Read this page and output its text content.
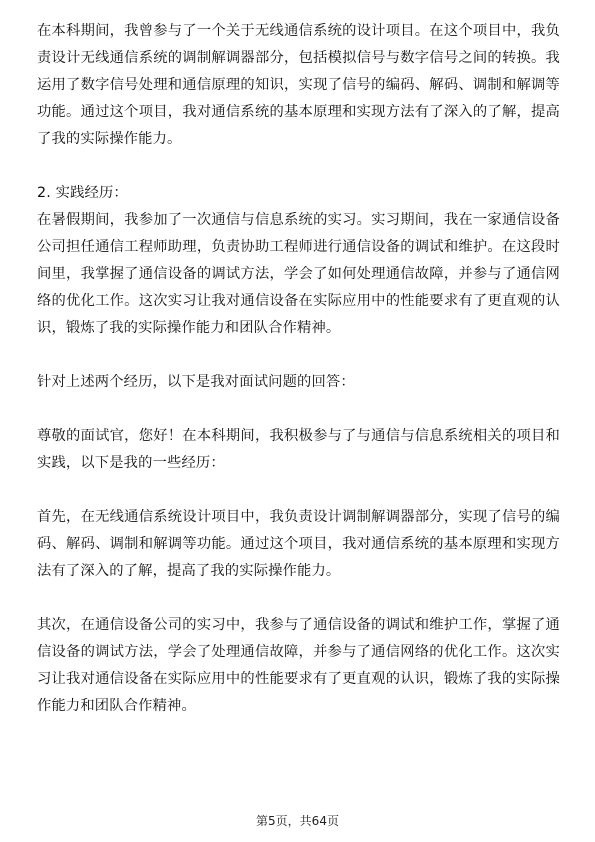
在本科期间，我曾参与了一个关于无线通信系统的设计项目。在这个项目中，我负责设计无线通信系统的调制解调器部分，包括模拟信号与数字信号之间的转换。我运用了数字信号处理和通信原理的知识，实现了信号的编码、解码、调制和解调等功能。通过这个项目，我对通信系统的基本原理和实现方法有了深入的了解，提高了我的实际操作能力。

2. 实践经历：

在暑假期间，我参加了一次通信与信息系统的实习。实习期间，我在一家通信设备公司担任通信工程师助理，负责协助工程师进行通信设备的调试和维护。在这段时间里，我掌握了通信设备的调试方法，学会了如何处理通信故障，并参与了通信网络的优化工作。这次实习让我对通信设备在实际应用中的性能要求有了更直观的认识，锻炼了我的实际操作能力和团队合作精神。

针对上述两个经历，以下是我对面试问题的回答：

尊敬的面试官，您好！在本科期间，我积极参与了与通信与信息系统相关的项目和实践，以下是我的一些经历：

首先，在无线通信系统设计项目中，我负责设计调制解调器部分，实现了信号的编码、解码、调制和解调等功能。通过这个项目，我对通信系统的基本原理和实现方法有了深入的了解，提高了我的实际操作能力。

其次，在通信设备公司的实习中，我参与了通信设备的调试和维护工作，掌握了通信设备的调试方法，学会了处理通信故障，并参与了通信网络的优化工作。这次实习让我对通信设备在实际应用中的性能要求有了更直观的认识，锻炼了我的实际操作能力和团队合作精神。

第5页，共64页
